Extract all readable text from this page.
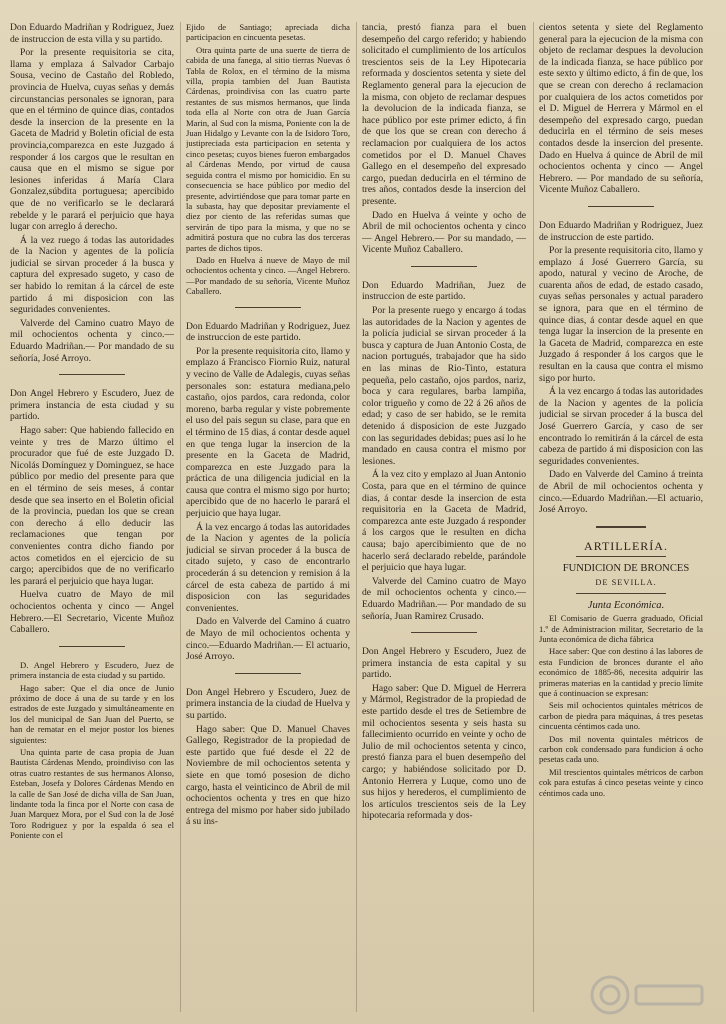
Don Eduardo Madriñan y Rodriguez, Juez de instruccion de esta villa y su partido.

Por la presente requisitoria se cita, llama y emplaza á Salvador Carbajo Sousa, vecino de Castaño del Robledo, provincia de Huelva, cuyas señas y demás circunstancias personales se ignoran, para que en el término de quince dias, contados desde la insercion de la presente en la Gaceta de Madrid y Boletin oficial de esta provincia,comparezca en este Juzgado á responder á los cargos que le resultan en causa que en el mismo se sigue por lesiones inferidas á María Clara Gonzalez,súbdita portuguesa; apercibido que de no verificarlo se le declarará rebelde y le parará el perjuicio que haya lugar con arreglo á derecho.

Á la vez ruego á todas las autoridades de la Nacion y agentes de la policía judicial se sirvan proceder á la busca y captura del expresado sugeto, y caso de ser habido lo remitan á la cárcel de este partido á mi disposicion con las seguridades convenientes.

Valverde del Camino cuatro Mayo de mil ochocientos ochenta y cinco.—Eduardo Madriñan.— Por mandado de su señoría, José Arroyo.

Don Angel Hebrero y Escudero, Juez de primera instancia de esta ciudad y su partido.

Hago saber: Que habiendo fallecido en veinte y tres de Marzo último el procurador que fué de este Juzgado D. Nicolás Domínguez y Dominguez, se hace público por medio del presente para que en el término de seis meses, á contar desde que sea inserto en el Boletin oficial de la provincia, puedan los que se crean con derecho á ello deducir las reclamaciones que tengan por convenientes contra dicho fiando por actos cometidos en el ejercicio de su cargo; apercibidos que de no verificarlo les parará el perjuicio que haya lugar.

Huelva cuatro de Mayo de mil ochocientos ochenta y cinco — Angel Hebrero.—El Secretario, Vicente Muñoz Caballero.

D. Angel Hebrero y Escudero, Juez de primera instancia de esta ciudad y su partido.

Hago saber: Que el dia once de Junio próximo de doce á una de su tarde y en los estrados de este Juzgado y simultáneamente en los del municipal de San Juan del Puerto, se han de rematar en el mejor postor los bienes siguientes:

Una quinta parte de casa propia de Juan Bautista Cárdenas Mendo, proindiviso con las otras cuatro restantes de sus hermanos Alonso, Esteban, Josefa y Dolores Cárdenas Mendo en la calle de San José de dicha villa de San Juan, lindante toda la finca por el Norte con casa de Juan Marquez Mora, por el Sud con la de José Toro Rodriguez y por la espalda ó sea el Poniente con el

Ejido de Santiago; apreciada dicha participacion en cincuenta pesetas.

Otra quinta parte de una suerte de tierra de cabida de una fanega, al sitio tierras Nuevas ó Tabla de Rolox, en el término de la misma villa, propia tambien del Juan Bautista Cárdenas, proindivisa con las cuatro parte restantes de sus mismos hermanos, que linda toda ella al Norte con otra de Juan García Marin, al Sud con la misma, Poniente con la de Juan Hidalgo y Levante con la de Isidoro Toro, justipreciada esta participacion en setenta y cinco pesetas; cuyos bienes fueron embargados al Cárdenas Mendo, por virtud de causa seguida contra el mismo por homicidio. En su consecuencia se hace público por medio del presente, advirtiéndose que para tomar parte en la subasta, hay que depositar previamente el diez por ciento de las referidas sumas que servirán de tipo para la misma, y que no se admitirá postura que no cubra las dos terceras partes de dichos tipos.

Dado en Huelva á nueve de Mayo de mil ochocientos ochenta y cinco. —Angel Hebrero.—Por mandado de su señoría, Vicente Muñoz Caballero.

Don Eduardo Madriñan y Rodriguez, Juez de instruccion de este partido.

Por la presente requisitoria cito, llamo y emplazo á Francisco Fiornio Ruiz, natural y vecino de Valle de Adalegis, cuyas señas personales son: estatura mediana,pelo castaño, ojos pardos, cara redonda, color moreno, barba regular y viste pobremente el uso del pais segun su clase, para que en el término de 15 dias, á contar desde aquel en que tenga lugar la insercion de la presente en la Gaceta de Madrid, comparezca en este Juzgado para la práctica de una diligencia judicial en la causa que contra el mismo sigo por hurto; apercibido que de no hacerlo le parará el perjuicio que haya lugar.

Á la vez encargo á todas las autoridades de la Nacion y agentes de la policía judicial se sirvan proceder á la busca de citado sujeto, y caso de encontrarlo procederán á su detencion y remision á la cárcel de esta cabeza de partido á mi disposicion con las seguridades convenientes.

Dado en Valverde del Camino á cuatro de Mayo de mil ochocientos ochenta y cinco.—Eduardo Madriñan.— El actuario, José Arroyo.

Don Angel Hebrero y Escudero, Juez de primera instancia de la ciudad de Huelva y su partido.

Hago saber: Que D. Manuel Chaves Gallego, Registrador de la propiedad de este partido que fué desde el 22 de Noviembre de mil ochocientos setenta y siete en que tomó posesion de dicho cargo, hasta el veinticinco de Abril de mil ochocientos ochenta y tres en que hizo entrega del mismo por haber sido jubilado á su ins-

tancia, prestó fianza para el buen desempeño del cargo referido; y habiendo solicitado el cumplimiento de los artículos trescientos seis de la Ley Hipotecaria reformada y doscientos setenta y siete del Reglamento general para la ejecucion de la misma, con objeto de reclamar despues la devolucion de la indicada fianza, se hace público por este primer edicto, á fin de que los que se crean con derecho á reclamacion por cualquiera de los actos cometidos por el D. Manuel Chaves Gallego en el desempeño del expresado cargo, puedan deducirla en el término de tres años, contados desde la insercion del presente.

Dado en Huelva á veinte y ocho de Abril de mil ochocientos ochenta y cinco — Angel Hebrero.— Por su mandado, — Vicente Muñoz Caballero.

Don Eduardo Madriñan, Juez de instruccion de este partido.

Por la presente ruego y encargo á todas las autoridades de la Nacion y agentes de la policía judicial se sirvan proceder á la busca y captura de Juan Antonio Costa, de nacion portugués, trabajador que ha sido en las minas de Rio-Tinto, estatura pequeña, pelo castaño, ojos pardos, nariz, boca y cara regulares, barba lampiña, color trigueño y como de 22 á 26 años de edad; y caso de ser habido, se le remita detenido á disposicion de este Juzgado con las seguridades debidas; pues así lo he mandado en causa contra el mismo por lesiones.

Á la vez cito y emplazo al Juan Antonio Costa, para que en el término de quince dias, á contar desde la insercion de esta requisitoria en la Gaceta de Madrid, comparezca ante este Juzgado á responder á los cargos que le resulten en dicha causa; bajo apercibimiento que de no hacerlo será declarado rebelde, parándole el perjuicio que haya lugar.

Valverde del Camino cuatro de Mayo de mil ochocientos ochenta y cinco.—Eduardo Madriñan.— Por mandado de su señoría, Juan Ramirez Crusado.

Don Angel Hebrero y Escudero, Juez de primera instancia de esta capital y su partido.

Hago saber: Que D. Miguel de Herrera y Mármol, Registrador de la propiedad de este partido desde el tres de Setiembre de mil ochocientos sesenta y seis hasta su fallecimiento ocurrido en veinte y ocho de Julio de mil ochocientos setenta y cinco, prestó fianza para el buen desempeño del cargo; y habiéndose solicitado por D. Antonio Herrera y Luque, como uno de sus hijos y herederos, el cumplimiento de los artículos trescientos seis de la Ley hipotecaria reformada y dos-

cientos setenta y siete del Reglamento general para la ejecucion de la misma con objeto de reclamar despues la devolucion de la indicada fianza, se hace público por este sexto y último edicto, á fin de que, los que se crean con derecho á reclamacion por cualquiera de los actos cometidos por el D. Miguel de Herrera y Mármol en el desempeño del expresado cargo, puedan deducirla en el término de seis meses contados desde la insercion del presente. Dado en Huelva á quince de Abril de mil ochocientos ochenta y cinco — Angel Hebrero. — Por mandado de su señoría, Vicente Muñoz Caballero.

Don Eduardo Madriñan y Rodriguez, Juez de instruccion de este partido.

Por la presente requisitoria cito, llamo y emplazo á José Guerrero García, su apodo, natural y vecino de Aroche, de cuarenta años de edad, de estado casado, cuyas señas personales y actual paradero se ignora, para que en el término de quince dias, á contar desde aquel en que tenga lugar la insercion de la presente en la Gaceta de Madrid, comparezca en este Juzgado á responder á los cargos que le resultan en la causa que contra el mismo sigo por hurto.

Á la vez encargo á todas las autoridades de la Nacion y agentes de la policía judicial se sirvan proceder á la busca del José Guerrero García, y caso de ser encontrado lo remitirán á la cárcel de esta cabeza de partido á mi disposicion con las seguridades convenientes.

Dado en Valverde del Camino á treinta de Abril de mil ochocientos ochenta y cinco.—Eduardo Madriñan.—El actuario, José Arroyo.

ARTILLERÍA.

FUNDICION DE BRONCES

DE SEVILLA.

Junta Económica.

El Comisario de Guerra graduado, Oficial 1.º de Administracion militar, Secretario de la Junta económica de dicha fábrica

Hace saber: Que con destino á las labores de esta Fundicion de bronces durante el año económico de 1885-86, necesita adquirir las primeras materias en la cantidad y precio límite que á continuacion se expresan:

Seis mil ochocientos quintales métricos de carbon de piedra para máquinas, á tres pesetas cincuenta céntimos cada uno.

Dos mil noventa quintales métricos de carbon cok condensado para fundicion á ocho pesetas cada uno.

Mil trescientos quintales métricos de carbon cok para estufas á cinco pesetas veinte y cinco céntimos cada uno.
